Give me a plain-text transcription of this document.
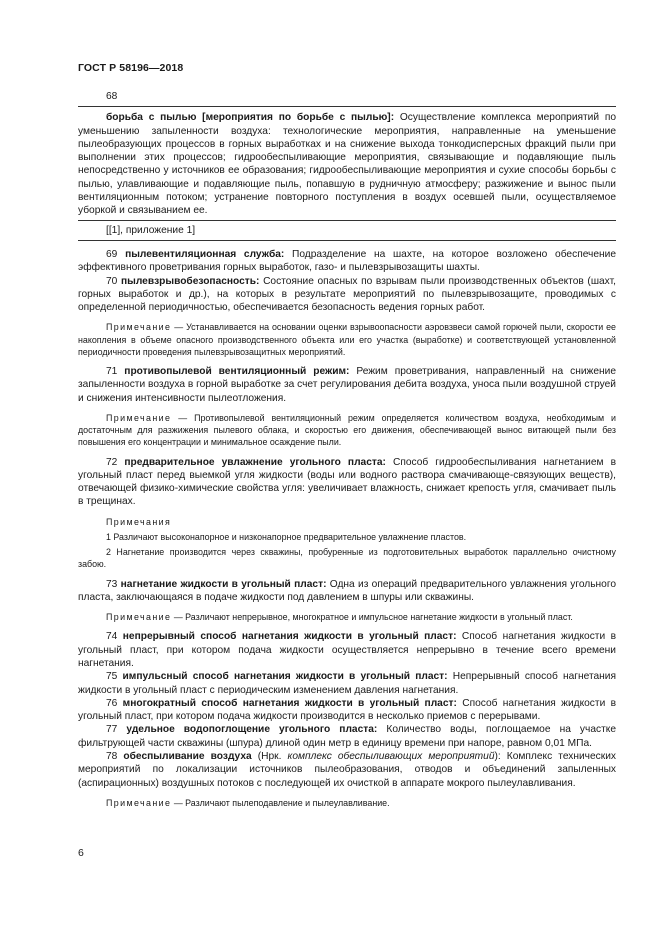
ГОСТ Р 58196—2018
68

борьба с пылью [мероприятия по борьбе с пылью]: Осуществление комплекса мероприятий по уменьшению запыленности воздуха: технологические мероприятия, направленные на уменьшение пылеобразующих процессов в горных выработках и на снижение выхода тонкодисперсных фракций пыли при выполнении этих процессов; гидрообеспыливающие мероприятия, связывающие и подавляющие пыль непосредственно у источников ее образования; гидрообеспыливающие мероприятия и сухие способы борьбы с пылью, улавливающие и подавляющие пыль, попавшую в рудничную атмосферу; разжижение и вынос пыли вентиляционным потоком; устранение повторного поступления в воздух осевшей пыли, осуществляемое уборкой и связыванием ее.

[[1], приложение 1]

69 пылевентиляционная служба: Подразделение на шахте, на которое возложено обеспечение эффективного проветривания горных выработок, газо- и пылевзрывозащиты шахты.

70 пылевзрывобезопасность: Состояние опасных по взрывам пыли производственных объектов (шахт, горных выработок и др.), на которых в результате мероприятий по пылевзрывозащите, проводимых с определенной периодичностью, обеспечивается безопасность ведения горных работ.

Примечание — Устанавливается на основании оценки взрывоопасности аэровзвеси самой горючей пыли, скорости ее накопления в объеме опасного производственного объекта или его участка (выработке) и соответствующей установленной периодичности проведения пылевзрывозащитных мероприятий.

71 противопылевой вентиляционный режим: Режим проветривания, направленный на снижение запыленности воздуха в горной выработке за счет регулирования дебита воздуха, уноса пыли воздушной струей и снижения интенсивности пылеотложения.

Примечание — Противопылевой вентиляционный режим определяется количеством воздуха, необходимым и достаточным для разжижения пылевого облака, и скоростью его движения, обеспечивающей вынос витающей пыли без повышения его концентрации и минимальное осаждение пыли.

72 предварительное увлажнение угольного пласта: Способ гидрообеспыливания нагнетанием в угольный пласт перед выемкой угля жидкости (воды или водного раствора смачивающе-связующих веществ), отвечающей физико-химические свойства угля: увеличивает влажность, снижает крепость угля, смачивает пыль в трещинах.

Примечания

1 Различают высоконапорное и низконапорное предварительное увлажнение пластов.

2 Нагнетание производится через скважины, пробуренные из подготовительных выработок параллельно очистному забою.

73 нагнетание жидкости в угольный пласт: Одна из операций предварительного увлажнения угольного пласта, заключающаяся в подаче жидкости под давлением в шпуры или скважины.

Примечание — Различают непрерывное, многократное и импульсное нагнетание жидкости в угольный пласт.

74 непрерывный способ нагнетания жидкости в угольный пласт: Способ нагнетания жидкости в угольный пласт, при котором подача жидкости осуществляется непрерывно в течение всего времени нагнетания.

75 импульсный способ нагнетания жидкости в угольный пласт: Непрерывный способ нагнетания жидкости в угольный пласт с периодическим изменением давления нагнетания.

76 многократный способ нагнетания жидкости в угольный пласт: Способ нагнетания жидкости в угольный пласт, при котором подача жидкости производится в несколько приемов с перерывами.

77 удельное водопоглощение угольного пласта: Количество воды, поглощаемое на участке фильтрующей части скважины (шпура) длиной один метр в единицу времени при напоре, равном 0,01 МПа.

78 обеспыливание воздуха (Нрк. комплекс обеспыливающих мероприятий): Комплекс технических мероприятий по локализации источников пылеобразования, отводов и объединений запыленных (аспирационных) воздушных потоков с последующей их очисткой в аппарате мокрого пылеулавливания.

Примечание — Различают пылеподавление и пылеулавливание.

6
